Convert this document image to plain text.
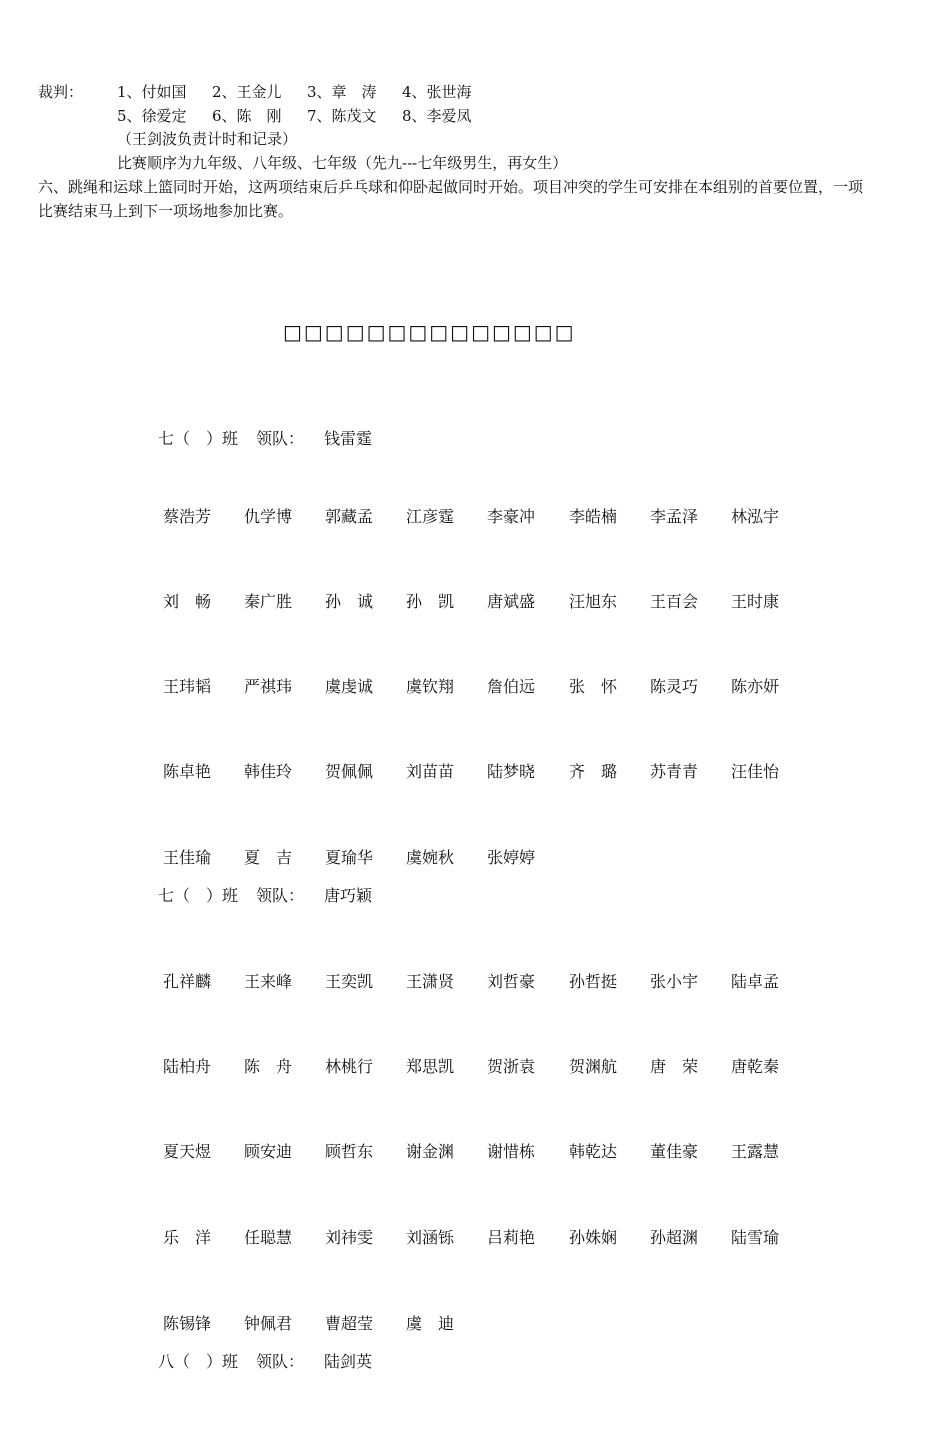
裁判： 1、付如国 2、王金儿 3、章　涛 4、张世海
5、徐爱定 6、陈　刚 7、陈茂文 8、李爱凤
（王剑波负责计时和记录）
比赛顺序为九年级、八年级、七年级（先九---七年级男生，再女生）
六、跳绳和运球上篮同时开始，这两项结束后乒乓球和仰卧起做同时开始。项目冲突的学生可安排在本组别的首要位置，一项
比赛结束马上到下一项场地参加比赛。
□□□□□□□□□□□□□□
七（　）班 领队： 钱雷霆
蔡浩芳 仇学博 郭藏孟 江彦霆 李豪冲 李皓楠 李孟泽 林泓宇
刘　畅 秦广胜 孙　诚 孙　凯 唐斌盛 汪旭东 王百会 王时康
王玮韬 严祺玮 虞虔诚 虞钦翔 詹伯远 张　怀 陈灵巧 陈亦妍
陈卓艳 韩佳玲 贺佩佩 刘苗苗 陆梦晓 齐　璐 苏青青 汪佳怡
王佳瑜 夏　吉 夏瑜华 虞婉秋 张婷婷
七（　）班 领队： 唐巧颖
孔祥麟 王来峰 王奕凯 王潇贤 刘哲豪 孙哲挺 张小宇 陆卓孟
陆柏舟 陈　舟 林桃行 郑思凯 贺浙袁 贺渊航 唐　荣 唐乾秦
夏天煜 顾安迪 顾哲东 谢金渊 谢惜栋 韩乾达 董佳豪 王露慧
乐　洋 任聪慧 刘祎雯 刘涵铄 吕莉艳 孙姝娴 孙超渊 陆雪瑜
陈锡锋 钟佩君 曹超莹 虞　迪
八（　）班 领队： 陆剑英
